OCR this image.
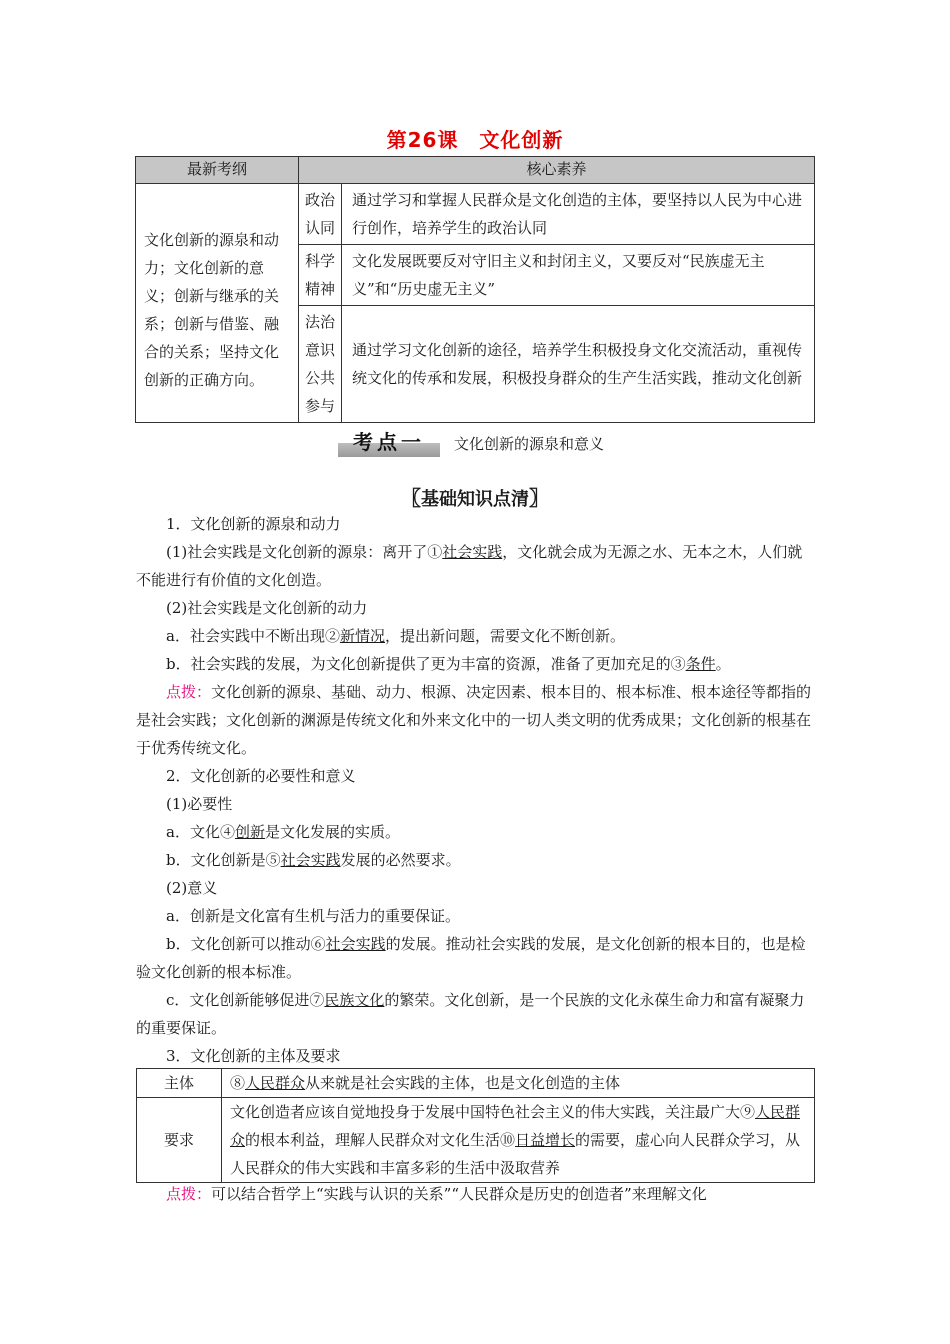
第26课　文化创新
最新考纲	核心素养	
文化创新的源泉和动力；文化创新的意义；创新与继承的关系；创新与借鉴、融合的关系；坚持文化创新的正确方向。	政治认同	通过学习和掌握人民群众是文化创造的主体，要坚持以人民为中心进行创作，培养学生的政治认同
	科学精神	文化发展既要反对守旧主义和封闭主义，又要反对“民族虚无主义”和“历史虚无主义”
	法治意识公共参与	通过学习文化创新的途径，培养学生积极投身文化交流活动，重视传统文化的传承和发展，积极投身群众的生产生活实践，推动文化创新
考点一	文化创新的源泉和意义
〖基础知识点清〗

1．文化创新的源泉和动力

(1)社会实践是文化创新的源泉：离开了①社会实践，文化就会成为无源之水、无本之木，人们就不能进行有价值的文化创造。

(2)社会实践是文化创新的动力

a．社会实践中不断出现②新情况，提出新问题，需要文化不断创新。

b．社会实践的发展，为文化创新提供了更为丰富的资源，准备了更加充足的③条件。

点拨：文化创新的源泉、基础、动力、根源、决定因素、根本目的、根本标准、根本途径等都指的是社会实践；文化创新的渊源是传统文化和外来文化中的一切人类文明的优秀成果；文化创新的根基在于优秀传统文化。

2．文化创新的必要性和意义

(1)必要性

a．文化④创新是文化发展的实质。

b．文化创新是⑤社会实践发展的必然要求。

(2)意义

a．创新是文化富有生机与活力的重要保证。

b．文化创新可以推动⑥社会实践的发展。推动社会实践的发展，是文化创新的根本目的，也是检验文化创新的根本标准。

c．文化创新能够促进⑦民族文化的繁荣。文化创新，是一个民族的文化永葆生命力和富有凝聚力的重要保证。

3．文化创新的主体及要求

主体	⑧人民群众从来就是社会实践的主体，也是文化创造的主体
要求	文化创造者应该自觉地投身于发展中国特色社会主义的伟大实践，关注最广大⑨人民群众的根本利益，理解人民群众对文化生活⑩日益增长的需要，虚心向人民群众学习，从人民群众的伟大实践和丰富多彩的生活中汲取营养

点拨：可以结合哲学上“实践与认识的关系”“人民群众是历史的创造者”来理解文化
